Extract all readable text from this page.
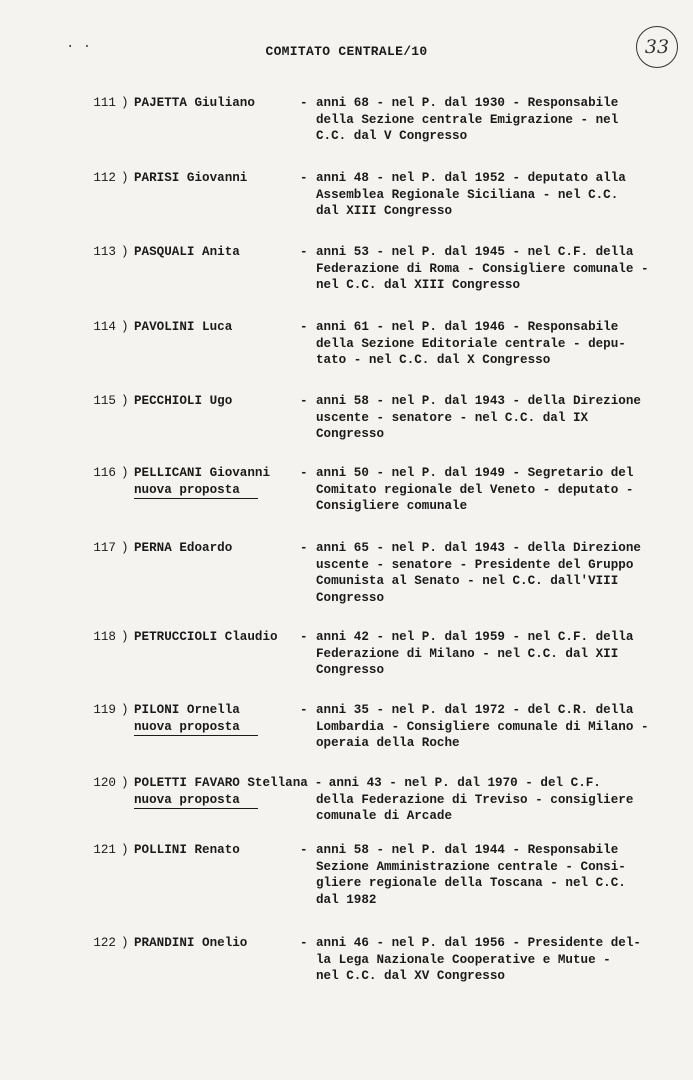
. .	COMITATO CENTRALE/10	33
111 ) PAJETTA Giuliano	- anni 68 - nel P. dal 1930 - Responsabile
della Sezione centrale Emigrazione - nel
C.C. dal V Congresso
112 ) PARISI Giovanni	- anni 48 - nel P. dal 1952 - deputato alla
Assemblea Regionale Siciliana - nel C.C.
dal XIII Congresso
113 ) PASQUALI Anita	- anni 53 - nel P. dal 1945 - nel C.F. della
Federazione di Roma - Consigliere comunale -
nel C.C. dal XIII Congresso
114 ) PAVOLINI Luca	- anni 61 - nel P. dal 1946 - Responsabile
della Sezione Editoriale centrale - depu-
tato - nel C.C. dal X Congresso
115 ) PECCHIOLI Ugo	- anni 58 - nel P. dal 1943 - della Direzione
uscente - senatore - nel C.C. dal IX
Congresso
116 ) PELLICANI Giovanni
nuova proposta
- anni 50 - nel P. dal 1949 - Segretario del
Comitato regionale del Veneto - deputato -
Consigliere comunale
117 ) PERNA Edoardo	- anni 65 - nel P. dal 1943 - della Direzione
uscente - senatore - Presidente del Gruppo
Comunista al Senato - nel C.C. dall'VIII
Congresso
118 ) PETRUCCIOLI Claudio - anni 42 - nel P. dal 1959 - nel C.F. della
Federazione di Milano - nel C.C. dal XII
Congresso
119 ) PILONI Ornella
nuova proposta
- anni 35 - nel P. dal 1972 - del C.R. della
Lombardia - Consigliere comunale di Milano -
operaia della Roche
120 ) POLETTI FAVARO Stellana
nuova proposta
- anni 43 - nel P. dal 1970 - del C.F.
della Federazione di Treviso - consigliere
comunale di Arcade
121 ) POLLINI Renato	- anni 58 - nel P. dal 1944 - Responsabile
Sezione Amministrazione centrale - Consi-
gliere regionale della Toscana - nel C.C.
dal 1982
122 ) PRANDINI Onelio	- anni 46 - nel P. dal 1956 - Presidente del-
la Lega Nazionale Cooperative e Mutue -
nel C.C. dal XV Congresso
